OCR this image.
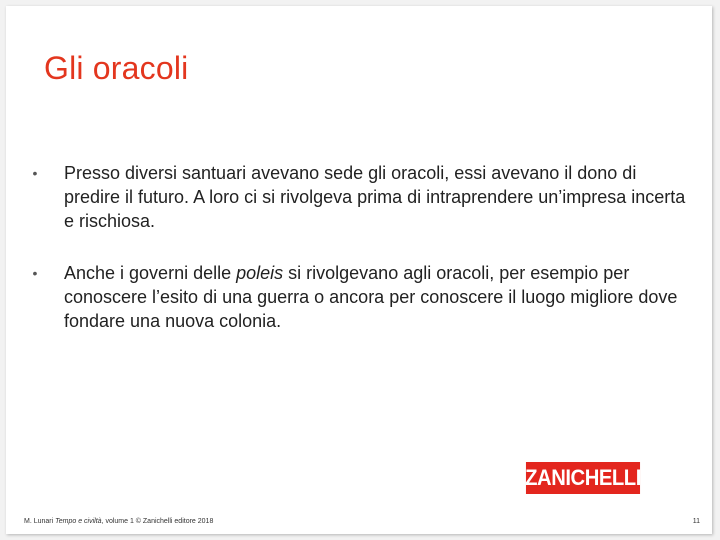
Gli oracoli
• Presso diversi santuari avevano sede gli oracoli, essi avevano il dono di predire il futuro. A loro ci si rivolgeva prima di intraprendere un’impresa incerta e rischiosa.
• Anche i governi delle poleis si rivolgevano agli oracoli, per esempio per conoscere l’esito di una guerra o ancora per conoscere il luogo migliore dove fondare una nuova colonia.
ZANICHELLI
M. Lunari Tempo e civiltà, volume 1 © Zanichelli editore 2018	11
